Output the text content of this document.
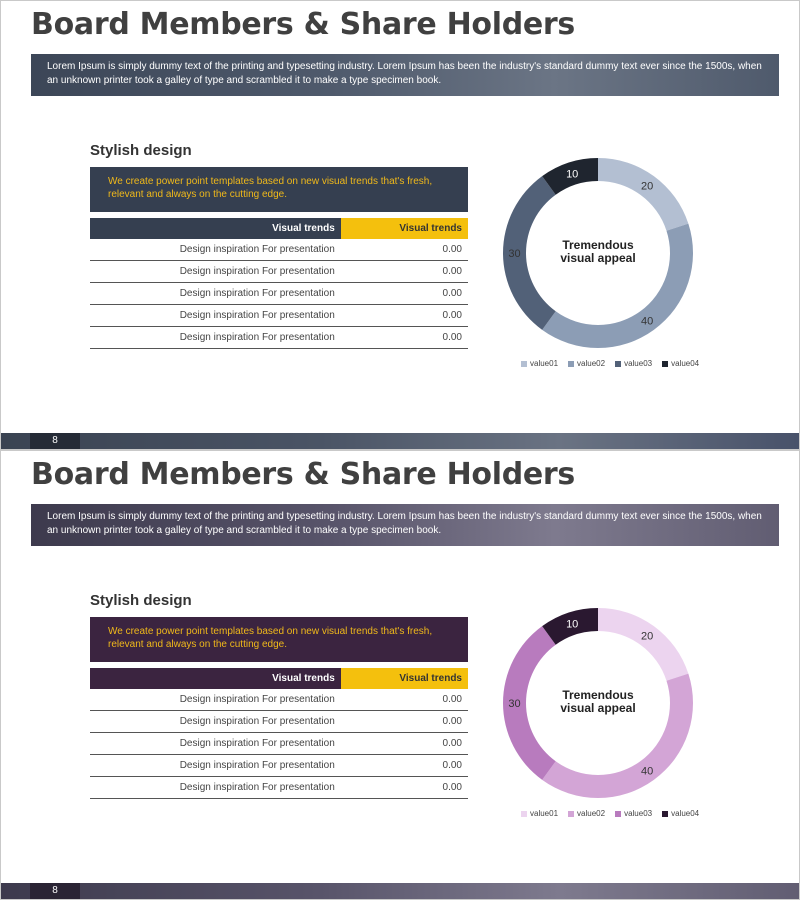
Board Members & Share Holders
Lorem Ipsum is simply dummy text of the printing and typesetting industry. Lorem Ipsum has been the industry's standard dummy text ever since the 1500s, when an unknown printer took a galley of type and scrambled it to make a type specimen book.
Stylish design
We create power point templates based on new visual trends that's fresh, relevant and always on the cutting edge.
Visual trends	Visual trends
Design inspiration For presentation	0.00
Design inspiration For presentation	0.00
Design inspiration For presentation	0.00
Design inspiration For presentation	0.00
Design inspiration For presentation	0.00
20
40
30
10
Tremendous
visual appeal
value01 value02 value03 value04
8
Board Members & Share Holders
Lorem Ipsum is simply dummy text of the printing and typesetting industry. Lorem Ipsum has been the industry's standard dummy text ever since the 1500s, when an unknown printer took a galley of type and scrambled it to make a type specimen book.
Stylish design
We create power point templates based on new visual trends that's fresh, relevant and always on the cutting edge.
Visual trends	Visual trends
Design inspiration For presentation	0.00
Design inspiration For presentation	0.00
Design inspiration For presentation	0.00
Design inspiration For presentation	0.00
Design inspiration For presentation	0.00
20
40
30
10
Tremendous
visual appeal
value01 value02 value03 value04
8
